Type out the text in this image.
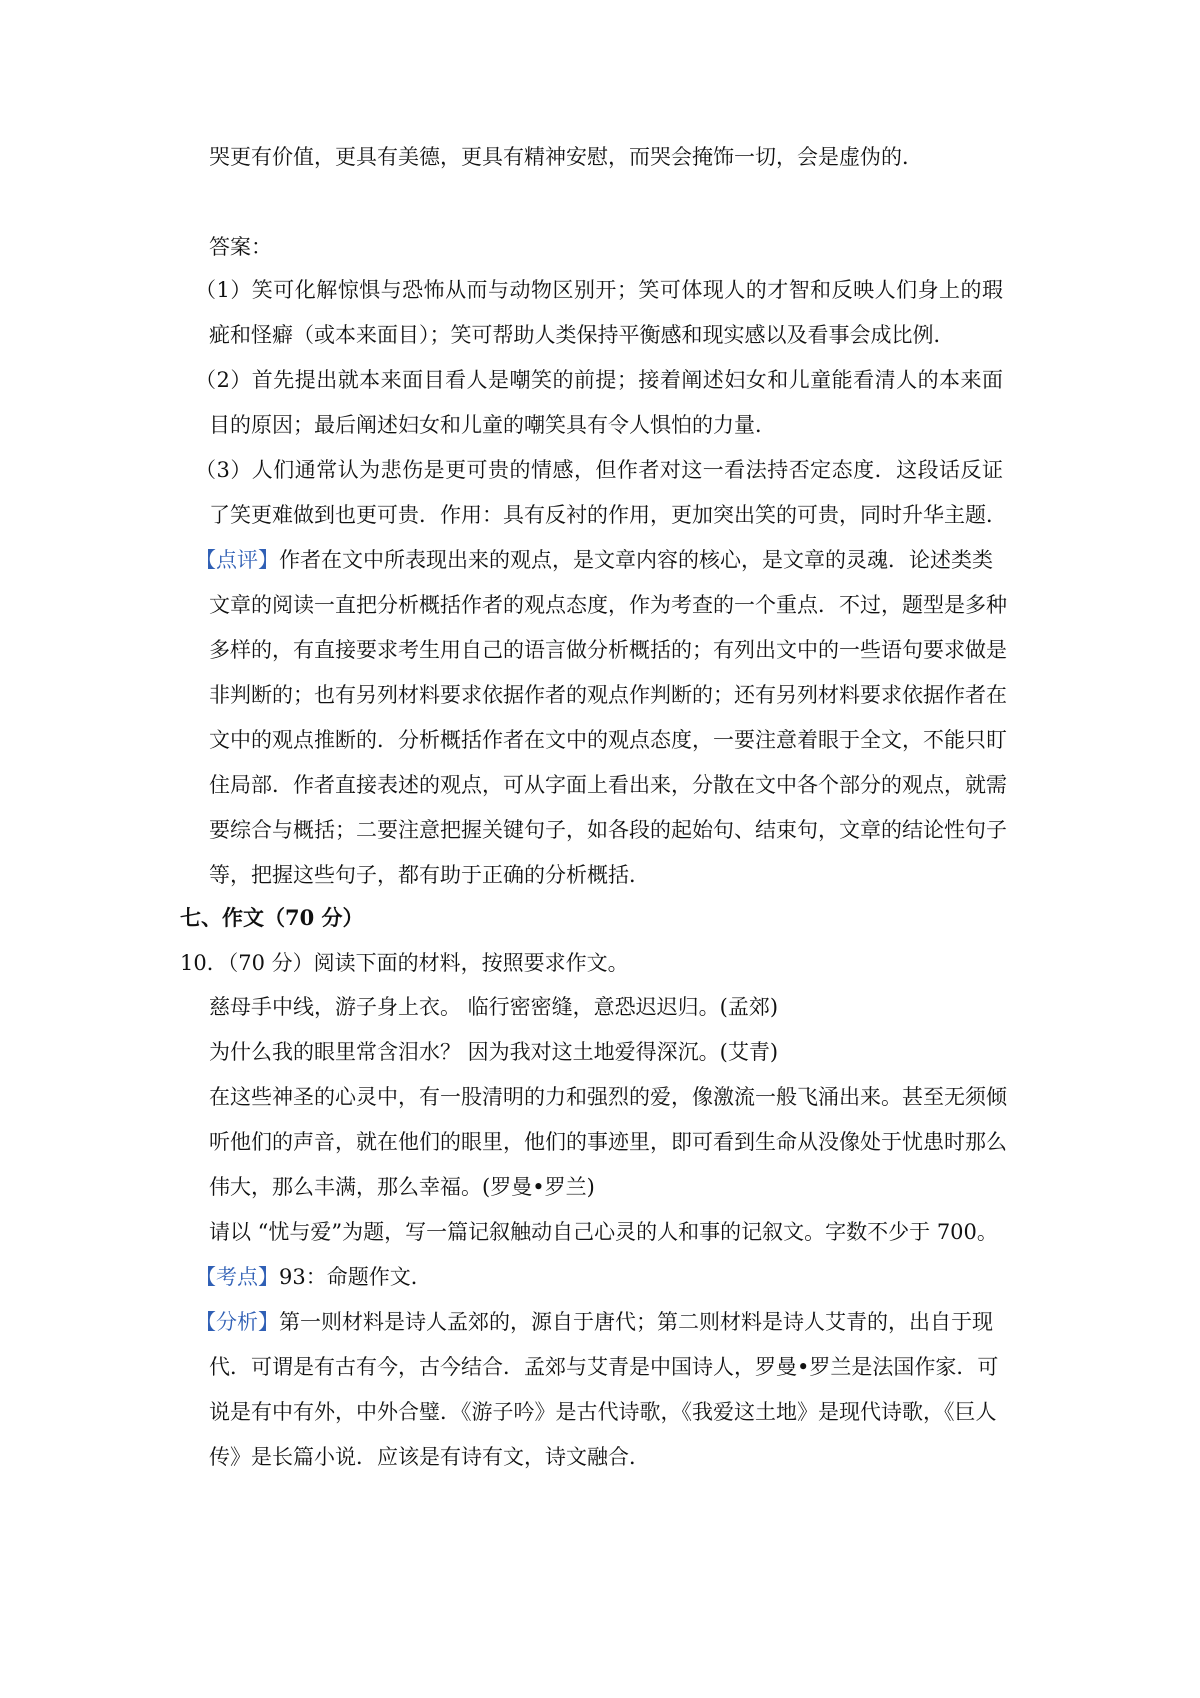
哭更有价值，更具有美德，更具有精神安慰，而哭会掩饰一切，会是虚伪的．

答案：

（1）笑可化解惊惧与恐怖从而与动物区别开；笑可体现人的才智和反映人们身上的瑕

疵和怪癖（或本来面目）；笑可帮助人类保持平衡感和现实感以及看事会成比例．

（2）首先提出就本来面目看人是嘲笑的前提；接着阐述妇女和儿童能看清人的本来面

目的原因；最后阐述妇女和儿童的嘲笑具有令人惧怕的力量．

（3）人们通常认为悲伤是更可贵的情感，但作者对这一看法持否定态度．这段话反证

了笑更难做到也更可贵．作用：具有反衬的作用，更加突出笑的可贵，同时升华主题．

【点评】作者在文中所表现出来的观点，是文章内容的核心，是文章的灵魂．论述类类

文章的阅读一直把分析概括作者的观点态度，作为考查的一个重点．不过，题型是多种

多样的，有直接要求考生用自己的语言做分析概括的；有列出文中的一些语句要求做是

非判断的；也有另列材料要求依据作者的观点作判断的；还有另列材料要求依据作者在

文中的观点推断的．分析概括作者在文中的观点态度，一要注意着眼于全文，不能只盯

住局部．作者直接表述的观点，可从字面上看出来，分散在文中各个部分的观点，就需

要综合与概括；二要注意把握关键句子，如各段的起始句、结束句，文章的结论性句子

等，把握这些句子，都有助于正确的分析概括．

七、作文（70 分）

10．（70 分）阅读下面的材料，按照要求作文。

慈母手中线，游子身上衣。 临行密密缝，意恐迟迟归。(孟郊)

为什么我的眼里常含泪水？ 因为我对这土地爱得深沉。(艾青)

在这些神圣的心灵中，有一股清明的力和强烈的爱，像激流一般飞涌出来。甚至无须倾

听他们的声音，就在他们的眼里，他们的事迹里，即可看到生命从没像处于忧患时那么

伟大，那么丰满，那么幸福。(罗曼•罗兰)

请以 “忧与爱”为题，写一篇记叙触动自己心灵的人和事的记叙文。字数不少于 700。

【考点】93：命题作文．

【分析】第一则材料是诗人孟郊的，源自于唐代；第二则材料是诗人艾青的，出自于现

代．可谓是有古有今，古今结合．孟郊与艾青是中国诗人，罗曼•罗兰是法国作家．可

说是有中有外，中外合璧．《游子吟》是古代诗歌，《我爱这土地》是现代诗歌，《巨人

传》是长篇小说．应该是有诗有文，诗文融合．
